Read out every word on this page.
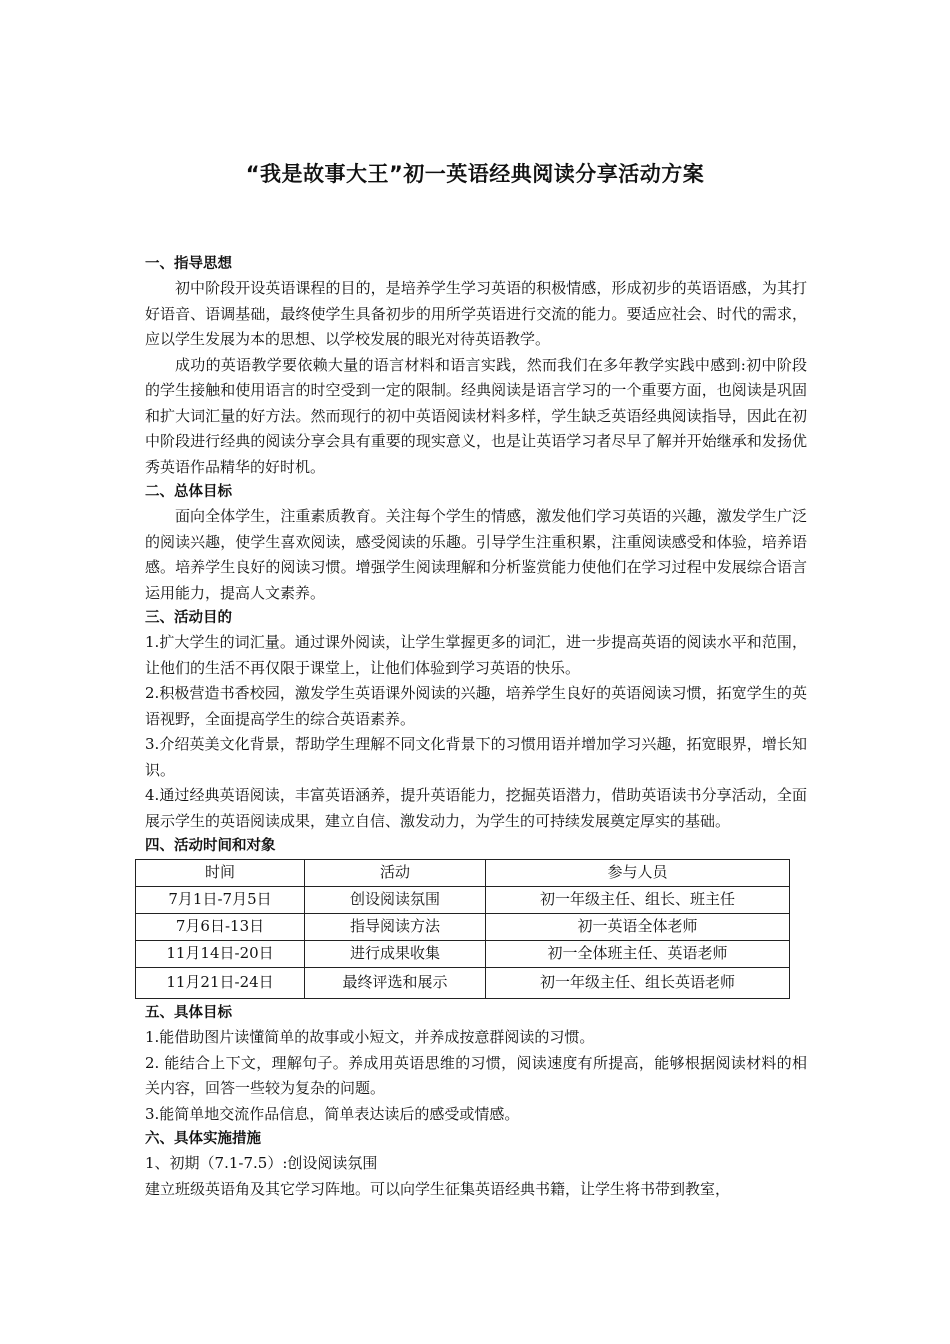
“我是故事大王”初一英语经典阅读分享活动方案
一、指导思想

初中阶段开设英语课程的目的，是培养学生学习英语的积极情感，形成初步的英语语感，为其打好语音、语调基础，最终使学生具备初步的用所学英语进行交流的能力。要适应社会、时代的需求，应以学生发展为本的思想、以学校发展的眼光对待英语教学。

成功的英语教学要依赖大量的语言材料和语言实践，然而我们在多年教学实践中感到:初中阶段的学生接触和使用语言的时空受到一定的限制。经典阅读是语言学习的一个重要方面，也阅读是巩固和扩大词汇量的好方法。然而现行的初中英语阅读材料多样，学生缺乏英语经典阅读指导，因此在初中阶段进行经典的阅读分享会具有重要的现实意义，也是让英语学习者尽早了解并开始继承和发扬优秀英语作品精华的好时机。

二、总体目标

面向全体学生，注重素质教育。关注每个学生的情感，激发他们学习英语的兴趣，激发学生广泛的阅读兴趣，使学生喜欢阅读，感受阅读的乐趣。引导学生注重积累，注重阅读感受和体验，培养语感。培养学生良好的阅读习惯。增强学生阅读理解和分析鉴赏能力使他们在学习过程中发展综合语言运用能力，提高人文素养。

三、活动目的

1.扩大学生的词汇量。通过课外阅读，让学生掌握更多的词汇，进一步提高英语的阅读水平和范围，让他们的生活不再仅限于课堂上，让他们体验到学习英语的快乐。

2.积极营造书香校园，激发学生英语课外阅读的兴趣，培养学生良好的英语阅读习惯，拓宽学生的英语视野，全面提高学生的综合英语素养。

3.介绍英美文化背景，帮助学生理解不同文化背景下的习惯用语并增加学习兴趣，拓宽眼界，增长知识。

4.通过经典英语阅读，丰富英语涵养，提升英语能力，挖掘英语潜力，借助英语读书分享活动，全面展示学生的英语阅读成果，建立自信、激发动力，为学生的可持续发展奠定厚实的基础。

四、活动时间和对象
时间	活动	参与人员
7月1日-7月5日	创设阅读氛围	初一年级主任、组长、班主任
7月6日-13日	指导阅读方法	初一英语全体老师
11月14日-20日	进行成果收集	初一全体班主任、英语老师
11月21日-24日	最终评选和展示	初一年级主任、组长英语老师
五、具体目标

1.能借助图片读懂简单的故事或小短文，并养成按意群阅读的习惯。

2. 能结合上下文，理解句子。养成用英语思维的习惯，阅读速度有所提高，能够根据阅读材料的相关内容，回答一些较为复杂的问题。

3.能简单地交流作品信息，简单表达读后的感受或情感。

六、具体实施措施

1、初期（7.1-7.5）:创设阅读氛围

建立班级英语角及其它学习阵地。可以向学生征集英语经典书籍，让学生将书带到教室，
